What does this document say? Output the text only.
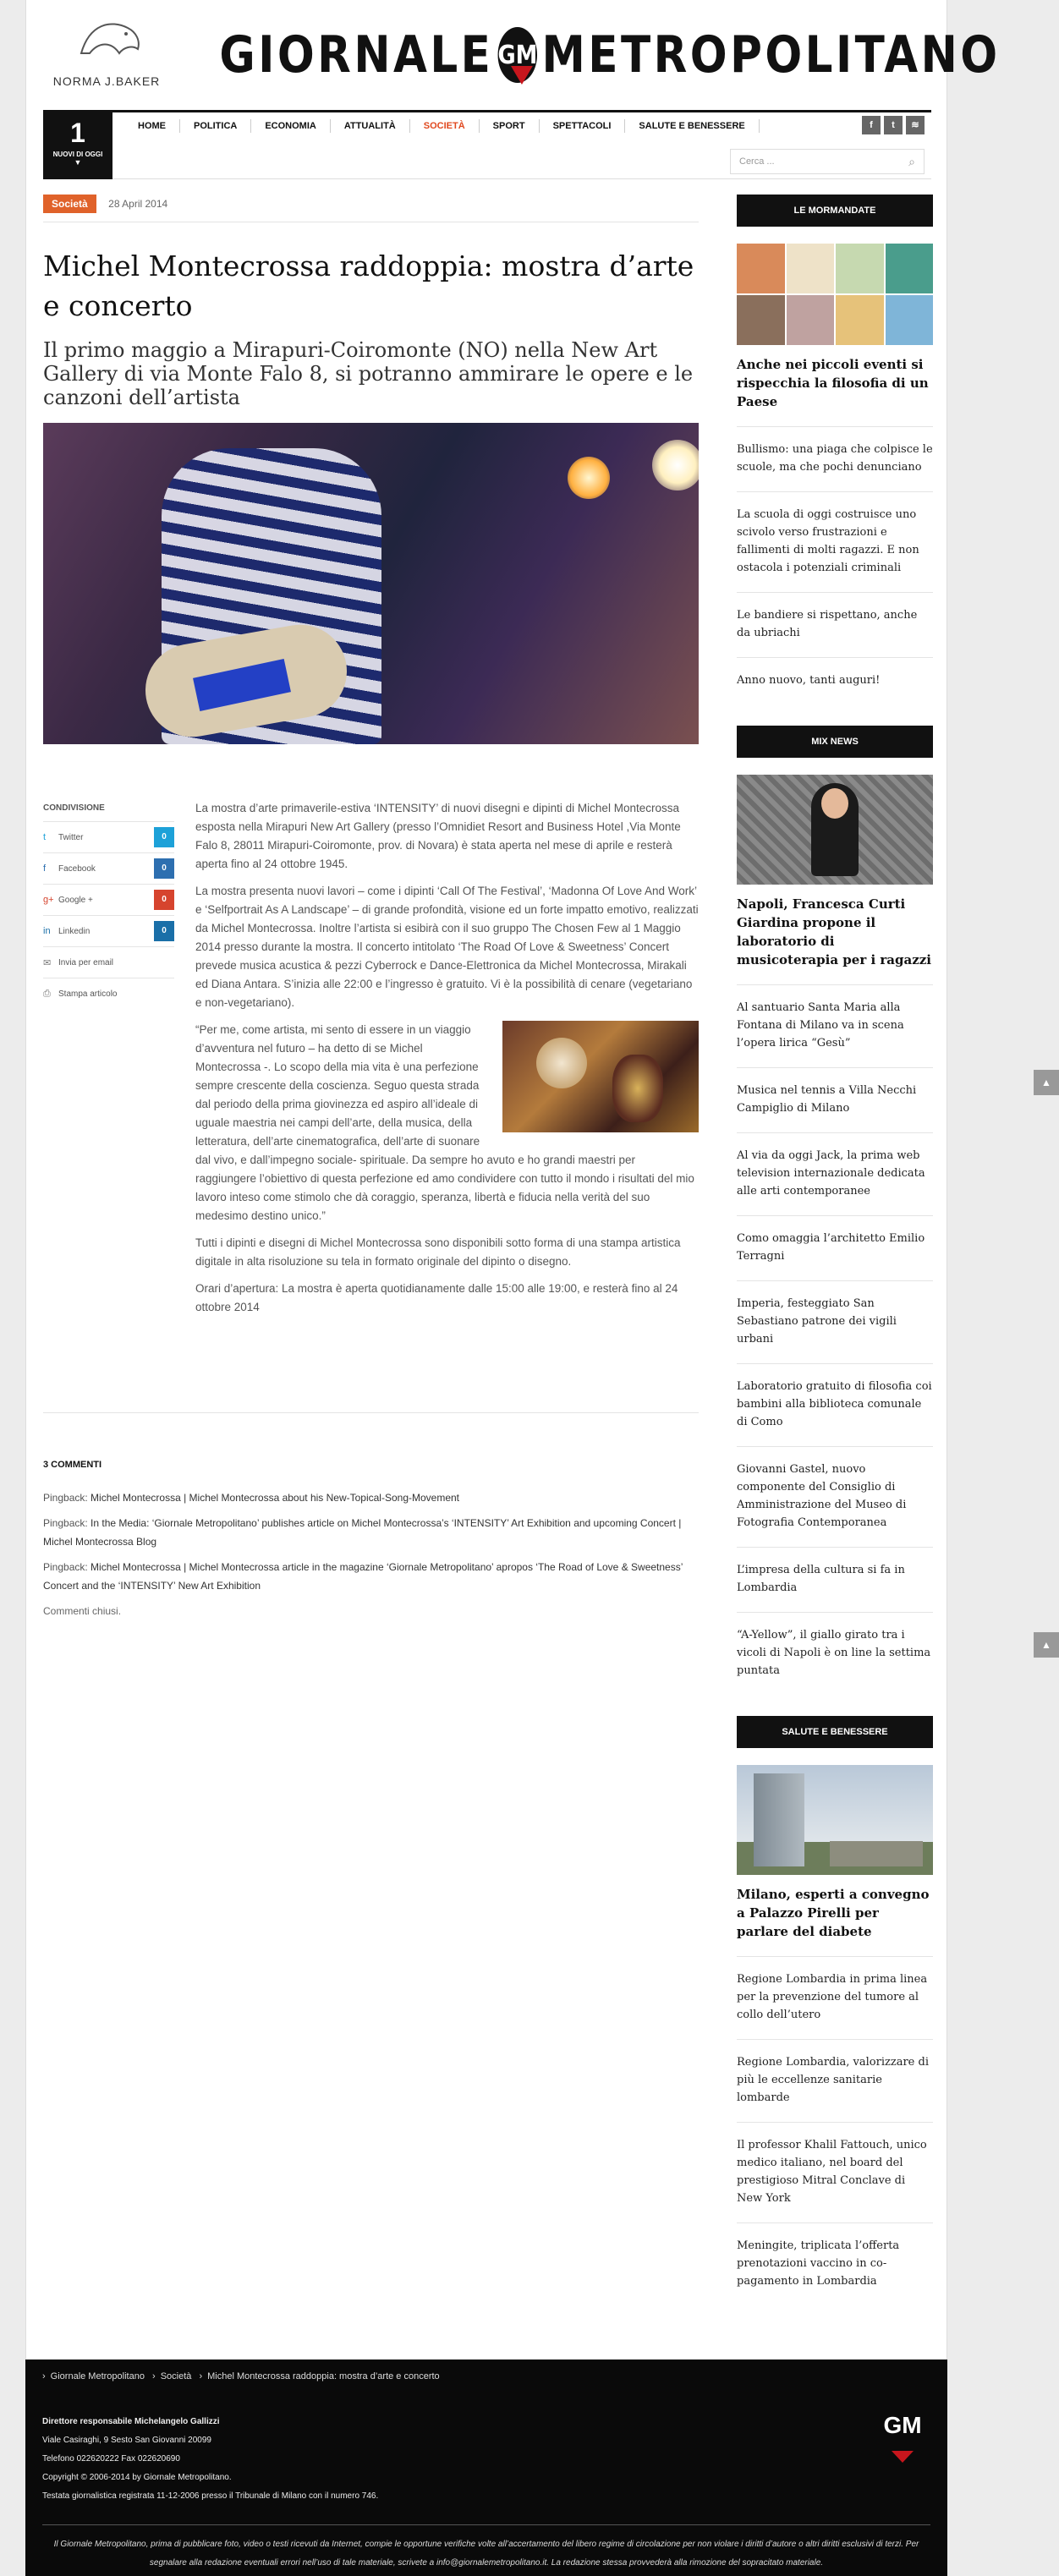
NORMA J.BAKER GIORNALE GM METROPOLITANO
1
NUOVI DI OGGI
▼
HOME	POLITICA	ECONOMIA	ATTUALITÀ	SOCIETÀ	SPORT	SPETTACOLI	SALUTE E BENESSERE	f	t	≋
Cerca ...	⌕
Società 28 April 2014
Michel Montecrossa raddoppia: mostra d’arte e concerto
Il primo maggio a Mirapuri-Coiromonte (NO) nella New Art Gallery di via Monte Falo 8, si potranno ammirare le opere e le canzoni dell’artista
CONDIVISIONE
t	Twitter	0
f	Facebook	0
g+ Google +	0
in Linkedin	0
✉ Invia per email
⎙ Stampa articolo

La mostra d’arte primaverile-estiva ‘INTENSITY’ di nuovi disegni e dipinti di Michel Montecrossa esposta nella Mirapuri New Art Gallery (presso l’Omnidiet Resort and Business Hotel ,Via Monte Falo 8, 28011 Mirapuri-Coiromonte, prov. di Novara) è stata aperta nel mese di aprile e resterà aperta fino al 24 ottobre 1945.

La mostra presenta nuovi lavori – come i dipinti ‘Call Of The Festival’, ‘Madonna Of Love And Work’ e ‘Selfportrait As A Landscape’ – di grande profondità, visione ed un forte impatto emotivo, realizzati da Michel Montecrossa. Inoltre l’artista si esibirà con il suo gruppo The Chosen Few al 1 Maggio 2014 presso durante la mostra. Il concerto intitolato ‘The Road Of Love & Sweetness’ Concert prevede musica acustica & pezzi Cyberrock e Dance-Elettronica da Michel Montecrossa, Mirakali ed Diana Antara. S’inizia alle 22:00 e l’ingresso è gratuito. Vi è la possibilità di cenare (vegetariano e non-vegetariano).

“Per me, come artista, mi sento di essere in un viaggio d’avventura nel futuro – ha detto di se Michel Montecrossa -. Lo scopo della mia vita è una perfezione sempre crescente della coscienza. Seguo questa strada dal periodo della prima giovinezza ed aspiro all’ideale di uguale maestria nei campi dell’arte, della musica, della letteratura, dell’arte cinematografica, dell’arte di suonare dal vivo, e dall’impegno sociale- spirituale. Da sempre ho avuto e ho grandi maestri per raggiungere l’obiettivo di questa perfezione ed amo condividere con tutto il mondo i risultati del mio lavoro inteso come stimolo che dà coraggio, speranza, libertà e fiducia nella verità del suo medesimo destino unico.”

Tutti i dipinti e disegni di Michel Montecrossa sono disponibili sotto forma di una stampa artistica digitale in alta risoluzione su tela in formato originale del dipinto o disegno.

Orari d’apertura: La mostra è aperta quotidianamente dalle 15:00 alle 19:00, e resterà fino al 24 ottobre 2014

3 COMMENTI
Pingback: Michel Montecrossa | Michel Montecrossa about his New-Topical-Song-Movement
Pingback: In the Media: ‘Giornale Metropolitano’ publishes article on Michel Montecrossa’s ‘INTENSITY’ Art Exhibition and upcoming Concert | Michel Montecrossa Blog
Pingback: Michel Montecrossa | Michel Montecrossa article in the magazine ‘Giornale Metropolitano’ apropos ‘The Road of Love & Sweetness’ Concert and the ‘INTENSITY’ New Art Exhibition
Commenti chiusi.
LE MORMANDATE
Anche nei piccoli eventi si rispecchia la filosofia di un Paese
Bullismo: una piaga che colpisce le scuole, ma che pochi denunciano
La scuola di oggi costruisce uno scivolo verso frustrazioni e fallimenti di molti ragazzi. E non ostacola i potenziali criminali
Le bandiere si rispettano, anche da ubriachi
Anno nuovo, tanti auguri!
MIX NEWS
Napoli, Francesca Curti Giardina propone il laboratorio di musicoterapia per i ragazzi
Al santuario Santa Maria alla Fontana di Milano va in scena l’opera lirica “Gesù”
Musica nel tennis a Villa Necchi Campiglio di Milano
Al via da oggi Jack, la prima web television internazionale dedicata alle arti contemporanee
Como omaggia l’architetto Emilio Terragni
Imperia, festeggiato San Sebastiano patrone dei vigili urbani
Laboratorio gratuito di filosofia coi bambini alla biblioteca comunale di Como
Giovanni Gastel, nuovo componente del Consiglio di Amministrazione del Museo di Fotografia Contemporanea
L’impresa della cultura si fa in Lombardia
“A-Yellow”, il giallo girato tra i vicoli di Napoli è on line la settima puntata
SALUTE E BENESSERE
Milano, esperti a convegno a Palazzo Pirelli per parlare del diabete
Regione Lombardia in prima linea per la prevenzione del tumore al collo dell’utero
Regione Lombardia, valorizzare di più le eccellenze sanitarie lombarde
Il professor Khalil Fattouch, unico medico italiano, nel board del prestigioso Mitral Conclave di New York
Meningite, triplicata l’offerta prenotazioni vaccino in co-pagamento in Lombardia
▲
▲
› Giornale Metropolitano › Società › Michel Montecrossa raddoppia: mostra d’arte e concerto
Direttore responsabile Michelangelo Gallizzi
Viale Casiraghi, 9 Sesto San Giovanni 20099
Telefono 022620222 Fax 022620690
Copyright © 2006-2014 by Giornale Metropolitano.
Testata giornalistica registrata 11-12-2006 presso il Tribunale di Milano con il numero 746.
GM
Il Giornale Metropolitano, prima di pubblicare foto, video o testi ricevuti da Internet, compie le opportune verifiche volte all’accertamento del libero regime di circolazione per non violare i diritti d’autore o altri diritti esclusivi di terzi. Per segnalare alla redazione eventuali errori nell’uso di tale materiale, scrivete a info@giornalemetropolitano.it. La redazione stessa provvederà alla rimozione del sopracitato materiale.
